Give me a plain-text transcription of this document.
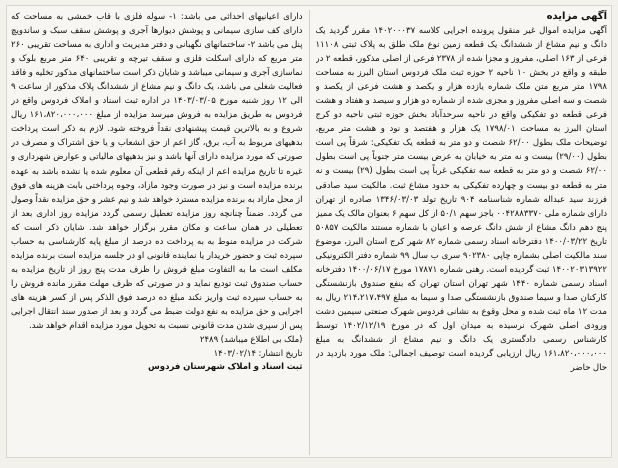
آگهی مزایده

آگهی مزایده اموال غیر منقول پرونده اجرایی کلاسه ۱۴۰۲۰۰۰۳۷ مقرر گردید یک دانگ و نیم مشاع از ششدانگ یک قطعه زمین نوع ملک طلق به پلاک ثبتی ۱۱۱۰۸ فرعی از ۱۶۳ اصلی، مفروز و مجزا شده از ۲۳۷۸ فرعی از اصلی مذکور، قطعه ۲ در طبقه و واقع در بخش ۱۰ ناحیه ۲ حوزه ثبت ملک فردوس استان البرز به مساحت ۱۷۹۸ متر مربع متن ملک شماره یازده هزار و یکصد و هشت فرعی از یکصد و شصت و سه اصلی مفروز و مجزی شده از شماره دو هزار و سیصد و هفتاد و هشت فرعی قطعه دو تفکیکی واقع در ناحیه سرحدآباد بخش حوزه ثبتی ناحیه دو کرج استان البرز به مساحت ۱۷۹۸/۰۱ یک هزار و هفتصد و نود و هشت متر مربع، توضیحات ملک بطول ۶۲/۰۰ شصت و دو متر به قطعه یک تفکیکی: شرقاً پی است بطول (۲۹/۰۰) بیست و نه متر به خیابان به عرض بیست متر جنوباً پی است بطول ۶۲/۰۰ شصت و دو متر به قطعه سه تفکیکی غرباً پی است بطول (۲۹) بیست و نه متر به قطعه دو بیست و چهارده تفکیکی به حدود مشاع ثبت. مالکیت سید صادقی فرزند سید عبداله شماره شناسنامه ۹۰۴ تاریخ تولد ۱۳۴۶/۰۳/۰۳ صادره از تهران دارای شماره ملی ۰۰۴۲۸۸۳۳۷۰ باجز سهم ۵۰/۱ از کل سهم ۶ بعنوان مالک یک ممیز پنج دهم دانگ مشاع از شش دانگ عرصه و اعیان با شماره مستند مالکیت ۵۰۸۵۷ تاریخ ۱۴۰۰/۰۳/۲۲ دفترخانه اسناد رسمی شماره ۸۲ شهر کرج استان البرز، موضوع سند مالکیت اصلی بشماره چاپی ۹۰۲۳۸۰ سری ب سال ۹۹ شماره دفتر الکترونیکی ۱۴۰۰۲۰۳۱۳۹۲۲ ثبت گردیده است. رهنی شماره ۱۷۸۷۱ مورخ ۱۴۰۰/۰۶/۱۷ دفترخانه اسناد رسمی شماره ۱۴۴۰ شهر تهران استان تهران که بنفع صندوق بازنشستگی کارکنان صدا و سیما صندوق بازنشستگی صدا و سیما به مبلغ ۲۱۴،۲۱۷،۴۹۷ ریال به مدت ۱۲ ماه ثبت شده و محل وقوع به نشانی فردوس شهرک صنعتی سیمین دشت ورودی اصلی شهرک نرسیده به میدان اول که در مورخ ۱۴۰۲/۱۲/۱۹ توسط کارشناس رسمی دادگستری یک دانگ و نیم مشاع از ششدانگ به مبلغ ۱۶۱،۸۲۰،۰۰۰،۰۰۰ ریال ارزیابی گردیده است توصیف اجمالی: ملک مورد بازدید در حال حاضر

دارای اعیانیهای احداثی می باشد: ۱- سوله فلزی با قاب خمشی به مساحت که دارای کف سازی سیمانی و پوشش دیوارها آجری و پوشش سقف سبک و ساندویچ پنل می باشد ۲- ساختمانهای نگهبانی و دفتر مدیریت و اداری به مساحت تقریبی ۲۶۰ متر مربع که دارای اسکلت فلزی و سقف تیرچه و تقریبی ۶۴۰ متر مربع بلوک و نماسازی آجری و سیمانی میباشد و شایان ذکر است ساختمانهای مذکور تخلیه و فاقد فعالیت شغلی می باشد، یک دانگ و نیم مشاع از ششدانگ پلاک مذکور از ساعت ۹ الی ۱۲ روز شنبه مورخ ۱۴۰۳/۰۳/۰۵ در اداره ثبت اسناد و املاک فردوس واقع در فردوس به طریق مزایده به فروش میرسد مزایده از مبلغ ۱۶۱،۸۲۰،۰۰۰،۰۰۰ ریال شروع و به بالاترین قیمت پیشنهادی نقداً فروخته شود. لازم به ذکر است پرداخت بدهیهای مربوط به آب، برق، گاز اعم از حق انشعاب و یا حق اشتراک و مصرف در صورتی که مورد مزایده دارای آنها باشد و نیز بدهیهای مالیاتی و عوارض شهرداری و غیره تا تاریخ مزایده اعم از اینکه رقم قطعی آن معلوم شده یا نشده باشد به عهده برنده مزایده است و نیز در صورت وجود مازاد، وجوه پرداختی بابت هزینه های فوق از محل مازاد به برنده مزایده مسترد خواهد شد و نیم عشر و حق مزایده نقداً وصول می گردد. ضمناً چنانچه روز مزایده تعطیل رسمی گردد مزایده روز اداری بعد از تعطیلی در همان ساعت و مکان مقرر برگزار خواهد شد. شایان ذکر است که شرکت در مزایده منوط به به پرداخت ده درصد از مبلغ پایه کارشناسی به حساب سپرده ثبت و حضور خریدار یا نماینده قانونی او در جلسه مزایده است برنده مزایده مکلف است ما به التفاوت مبلغ فروش را ظرف مدت پنج روز از تاریخ مزایده به حساب صندوق ثبت تودیع نماید و در صورتی که ظرف مهلت مقرر مانده فروش را به حساب سپرده ثبت واریز نکند مبلغ ده درصد فوق الذکر پس از کسر هزینه های اجرایی و حق مزایده به نفع دولت ضبط می گردد و بعد از صدور سند انتقال اجرایی پس از سپری شدن مدت قانونی نسبت به تحویل مورد مزایده اقدام خواهد شد.

(ملک بی اطلاع میباشد) ۲۴۸۹
تاریخ انتشار: ۱۴۰۳/۰۲/۱۴
ثبت اسناد و املاک شهرستان فردوس
